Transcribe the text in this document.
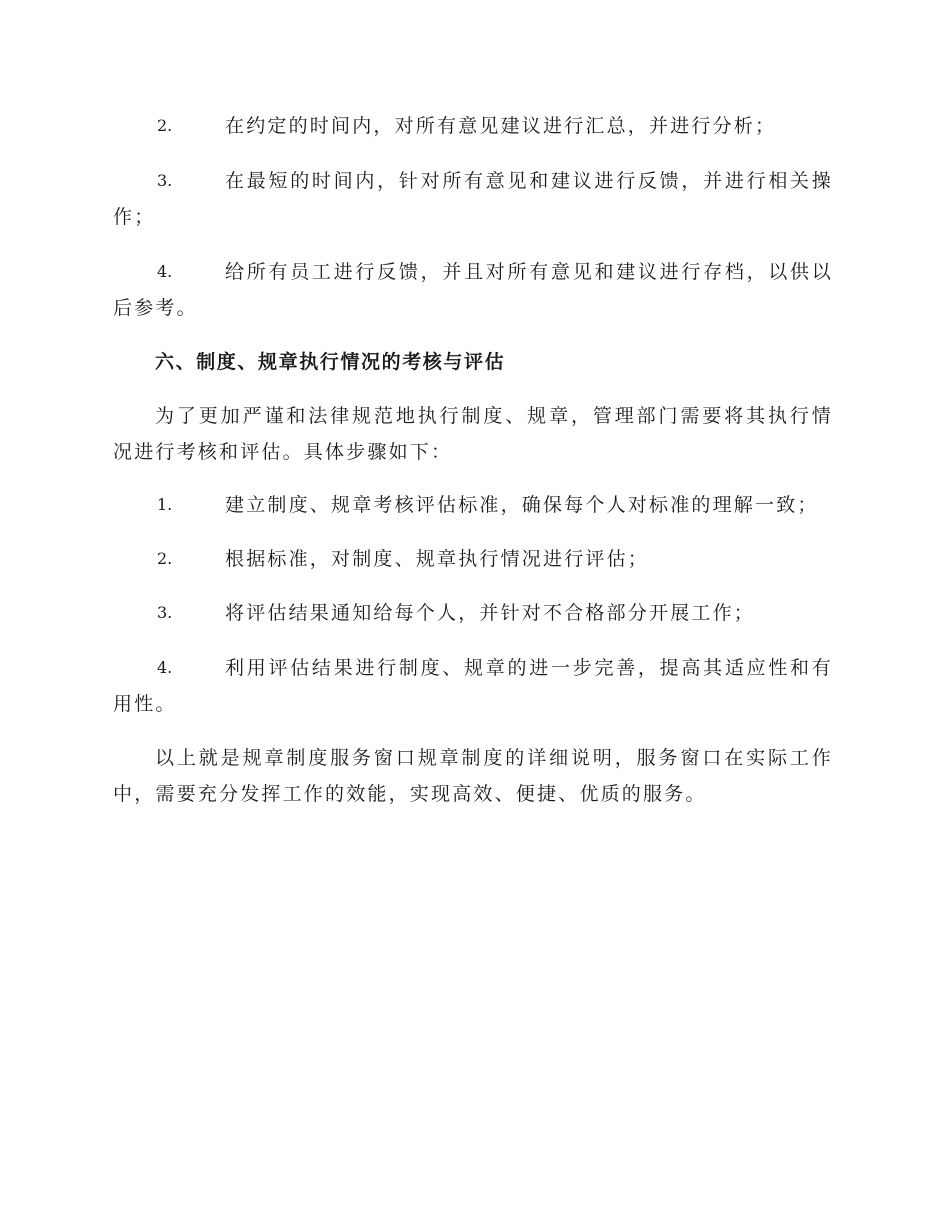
2.	在约定的时间内，对所有意见建议进行汇总，并进行分析；
3.	在最短的时间内，针对所有意见和建议进行反馈，并进行相关操作；
4.	给所有员工进行反馈，并且对所有意见和建议进行存档，以供以后参考。
六、制度、规章执行情况的考核与评估
为了更加严谨和法律规范地执行制度、规章，管理部门需要将其执行情况进行考核和评估。具体步骤如下：
1.	建立制度、规章考核评估标准，确保每个人对标准的理解一致；
2.	根据标准，对制度、规章执行情况进行评估；
3.	将评估结果通知给每个人，并针对不合格部分开展工作；
4.	利用评估结果进行制度、规章的进一步完善，提高其适应性和有用性。
以上就是规章制度服务窗口规章制度的详细说明，服务窗口在实际工作中，需要充分发挥工作的效能，实现高效、便捷、优质的服务。
